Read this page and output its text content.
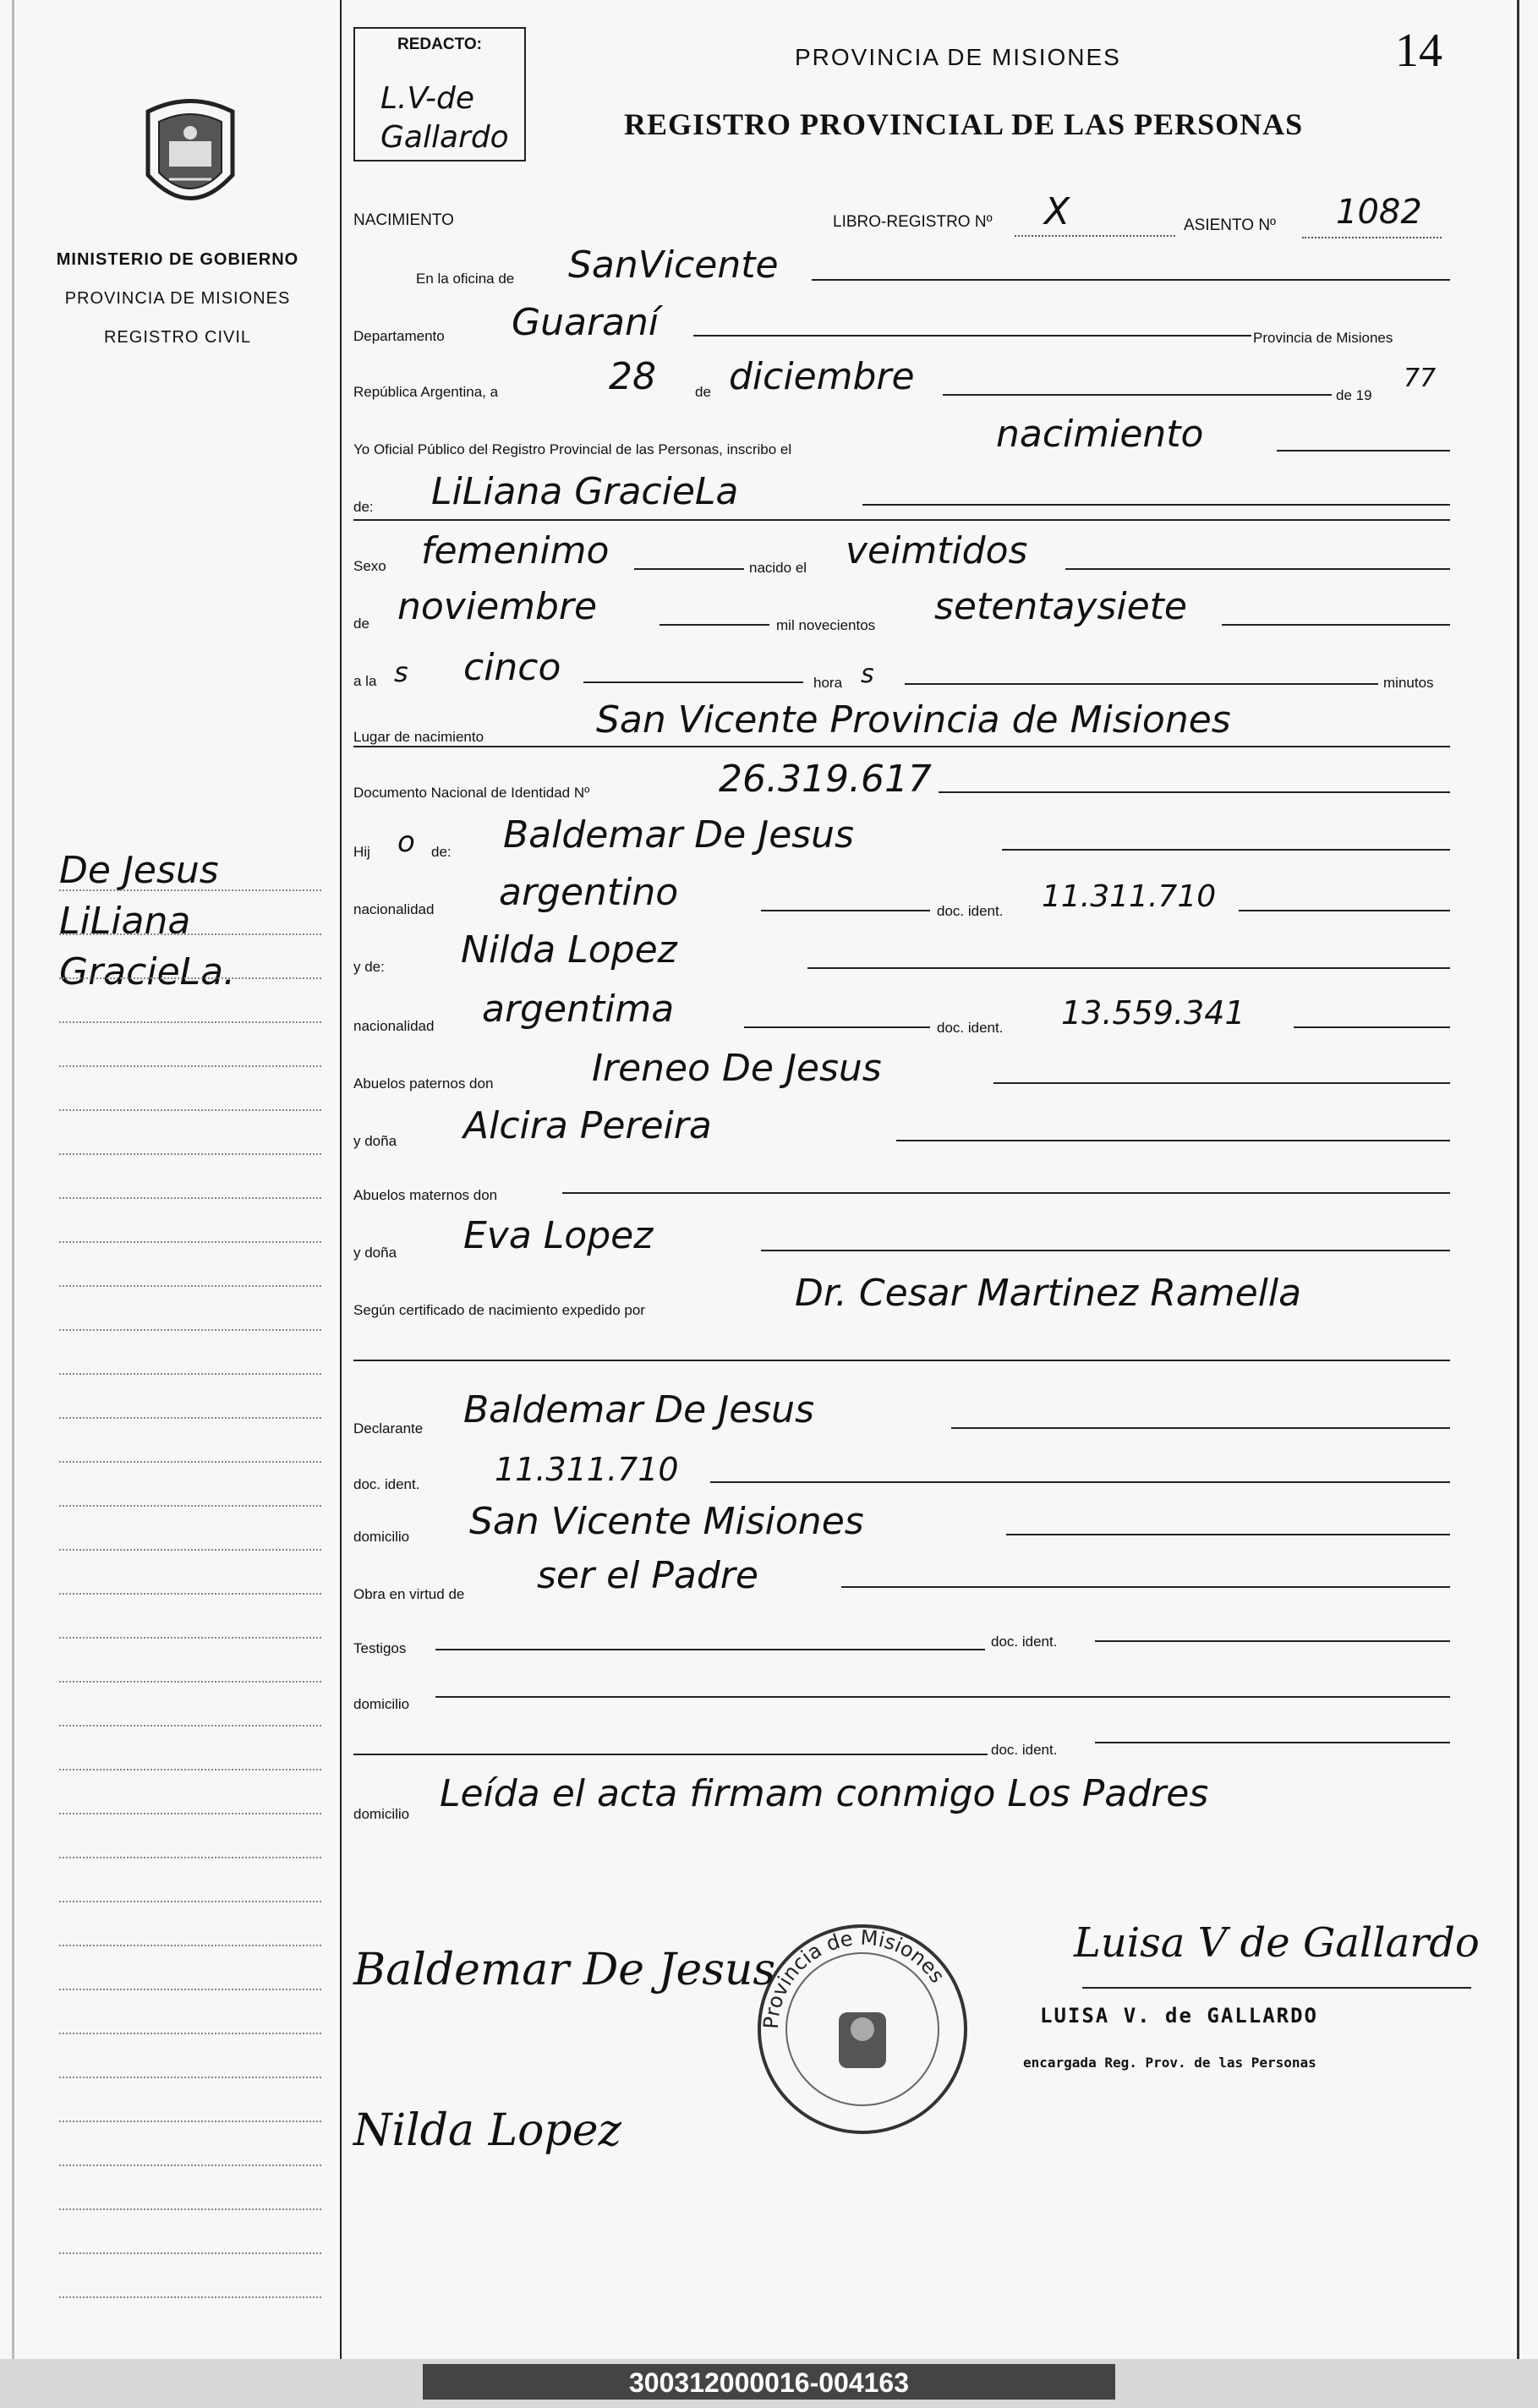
REDACTO:
L.V-de Gallardo
MINISTERIO DE GOBIERNO
PROVINCIA DE MISIONES
REGISTRO CIVIL
PROVINCIA DE MISIONES
REGISTRO PROVINCIAL DE LAS PERSONAS
14
NACIMIENTO	LIBRO-REGISTRO Nº X	ASIENTO Nº 1082
En la oficina de SanVicente
Departamento Guaraní	Provincia de Misiones
República Argentina, a	28	de diciembre	de 19
77
Yo Oficial Público del Registro Provincial de las Personas, inscribo el	nacimiento
de: LiLiana GracieLa
Sexo femenimo	nacido el veimtidos
de noviembre	mil novecientos setentaysiete
a la s cinco	hora s	minutos
Lugar de nacimiento	San Vicente Provincia de Misiones
Documento Nacional de Identidad Nº	26.319.617
Hij o de: Baldemar De Jesus
nacionalidad argentino	doc. ident. 11.311.710
y de: Nilda Lopez
nacionalidad argentima	doc. ident. 13.559.341
Abuelos paternos don	Ireneo De Jesus
y doña Alcira Pereira
Abuelos maternos don
y doña Eva Lopez
Según certificado de nacimiento expedido por	Dr. Cesar Martinez Ramella
Declarante Baldemar De Jesus
doc. ident. 11.311.710
domicilio San Vicente Misiones
Obra en virtud de ser el Padre
Testigos	doc. ident.
domicilio
doc. ident.
domicilio Leída el acta firmam conmigo Los Padres
De Jesus
LiLiana
GracieLa.
Provincia de Misiones
Baldemar De Jesus
Nilda Lopez
Luisa V de Gallardo
LUISA V. de GALLARDO
encargada Reg. Prov. de las Personas
300312000016-004163
